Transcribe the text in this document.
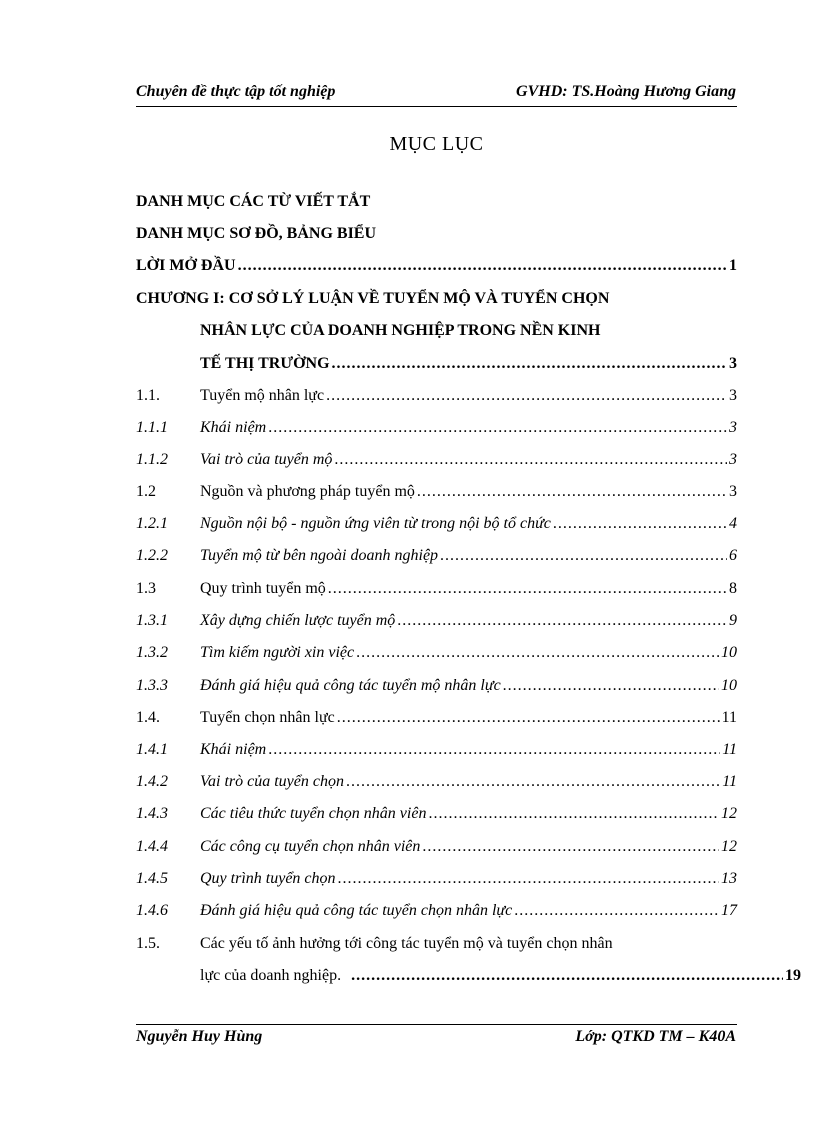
Chuyên đề thực tập tốt nghiệp	GVHD: TS.Hoàng Hương Giang
MỤC LỤC
DANH MỤC CÁC TỪ VIẾT TẮT
DANH MỤC SƠ ĐỒ, BẢNG BIỂU
LỜI MỞ ĐẦU .....	1
CHƯƠNG I: CƠ SỞ LÝ LUẬN VỀ TUYỂN MỘ VÀ TUYỂN CHỌN
NHÂN LỰC CỦA DOANH NGHIỆP TRONG NỀN KINH
TẾ THỊ TRƯỜNG .....	3
1.1.	Tuyển mộ nhân lực .....	3
1.1.1	Khái niệm .....	3
1.1.2	Vai trò của tuyển mộ .....	3
1.2	Nguồn và phương pháp tuyển mộ .....	3
1.2.1	Nguồn nội bộ - nguồn ứng viên từ trong nội bộ tổ chức .....	4
1.2.2	Tuyển mộ từ bên ngoài doanh nghiệp .....	6
1.3	Quy trình tuyển mộ .....	8
1.3.1	Xây dựng chiến lược tuyển mộ .....	9
1.3.2	Tìm kiếm người xin việc .....	10
1.3.3	Đánh giá hiệu quả công tác tuyển mộ nhân lực .....	10
1.4.	Tuyển chọn nhân lực .....	11
1.4.1	Khái niệm .....	11
1.4.2	Vai trò của tuyển chọn .....	11
1.4.3	Các tiêu thức tuyển chọn nhân viên .....	12
1.4.4	Các công cụ tuyển chọn nhân viên .....	12
1.4.5	Quy trình tuyển chọn .....	13
1.4.6	Đánh giá hiệu quả công tác tuyển chọn nhân lực .....	17
1.5.	Các yếu tố ảnh hưởng tới công tác tuyển mộ và tuyển chọn nhân
lực của doanh nghiệp. .....	19
Nguyễn Huy Hùng	Lớp: QTKD TM – K40A
